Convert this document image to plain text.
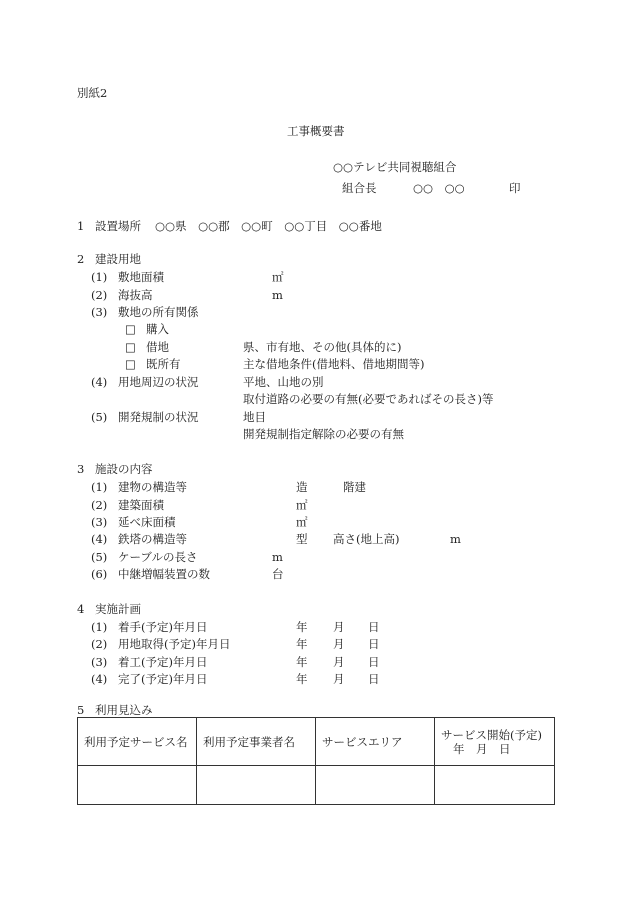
別紙2
工事概要書
○○テレビ共同視聴組合
組合長	○○　○○	印
1 設置場所 ○○県　○○郡　○○町　○○丁目　○○番地
2 建設用地
(1) 敷地面積	㎡
(2) 海抜高	m
(3) 敷地の所有関係
□ 購入
□ 借地	県、市有地、その他(具体的に)
□ 既所有	主な借地条件(借地料、借地期間等)
(4) 用地周辺の状況	平地、山地の別
取付道路の必要の有無(必要であればその長さ)等
(5) 開発規制の状況	地目
開発規制指定解除の必要の有無
3 施設の内容
(1) 建物の構造等	造	階建
(2) 建築面積	㎡
(3) 延べ床面積	㎡
(4) 鉄塔の構造等	型 高さ(地上高)	m
(5) ケーブルの長さ	m
(6) 中継増幅装置の数	台
4 実施計画
(1) 着手(予定)年月日	年 月 日
(2) 用地取得(予定)年月日	年 月 日
(3) 着工(予定)年月日	年 月 日
(4) 完了(予定)年月日	年 月 日
5 利用見込み
利用予定サービス名	利用予定事業者名	サービスエリア	サービス開始(予定)
年　月　日
